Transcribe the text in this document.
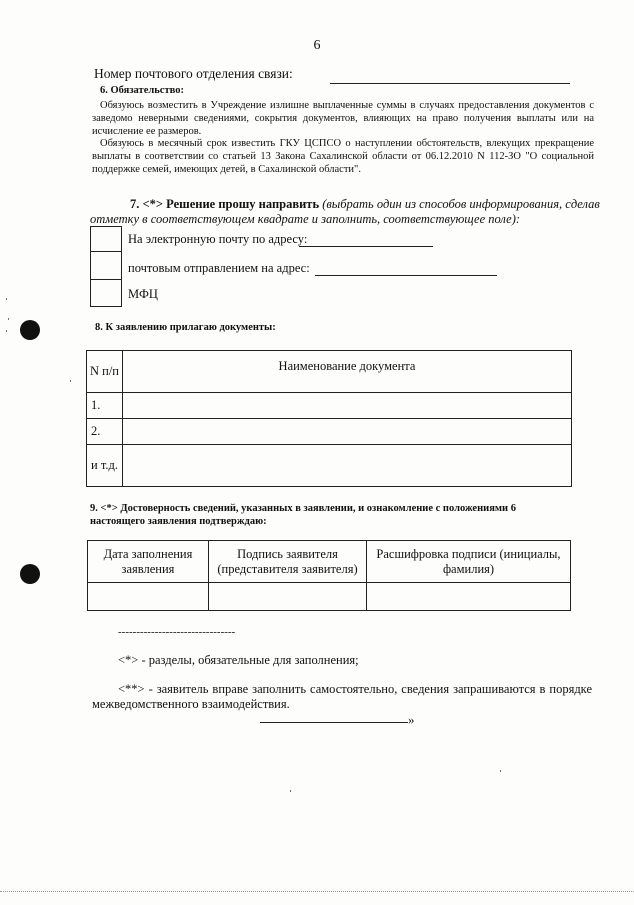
6
Номер почтового отделения связи:
6. Обязательство:
Обязуюсь возместить в Учреждение излишне выплаченные суммы в случаях предоставления документов с заведомо неверными сведениями, сокрытия документов, влияющих на право получения выплаты или на исчисление ее размеров.
Обязуюсь в месячный срок известить ГКУ ЦСПСО о наступлении обстоятельств, влекущих прекращение выплаты в соответствии со статьей 13 Закона Сахалинской области от 06.12.2010 N 112-ЗО "О социальной поддержке семей, имеющих детей, в Сахалинской области".
7. <*> Решение прошу направить (выбрать один из способов информирования, сделав отметку в соответствующем квадрате и заполнить, соответствующее поле):
На электронную почту по адресу:
почтовым отправлением на адрес:
МФЦ
8. К заявлению прилагаю документы:
N п/п	Наименование документа
1.	
2.	
и т.д.	
9. <*> Достоверность сведений, указанных в заявлении, и ознакомление с положениями 6 настоящего заявления подтверждаю:
Дата заполнения заявления	Подпись заявителя (представителя заявителя)	Расшифровка подписи (инициалы, фамилия)

--------------------------------
<*> - разделы, обязательные для заполнения;
<**> - заявитель вправе заполнить самостоятельно, сведения запрашиваются в порядке межведомственного взаимодействия.
»
